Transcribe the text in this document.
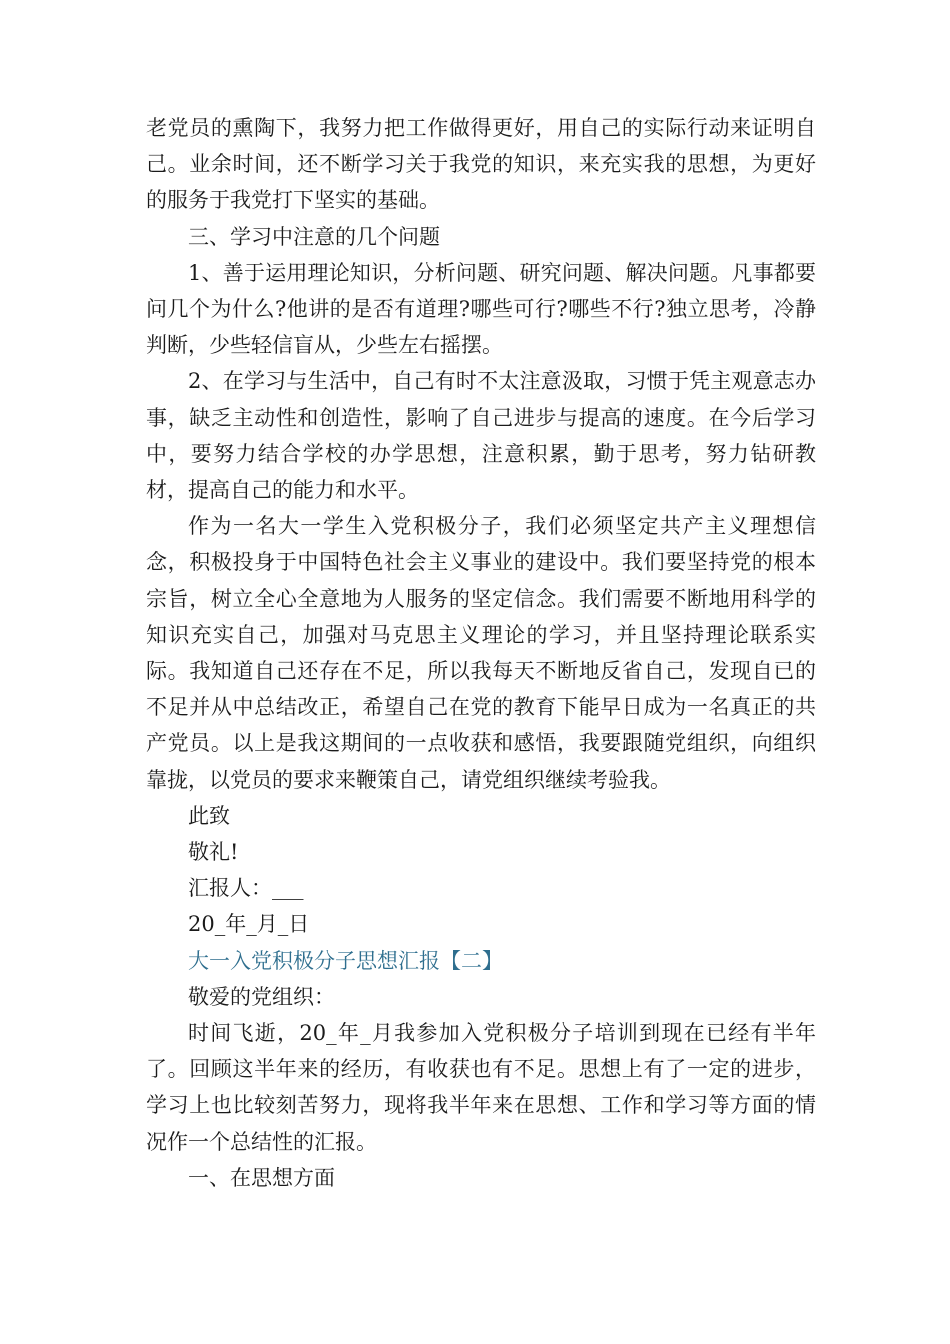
老党员的熏陶下，我努力把工作做得更好，用自己的实际行动来证明自己。业余时间，还不断学习关于我党的知识，来充实我的思想，为更好的服务于我党打下坚实的基础。

三、学习中注意的几个问题

1、善于运用理论知识，分析问题、研究问题、解决问题。凡事都要问几个为什么?他讲的是否有道理?哪些可行?哪些不行?独立思考，冷静判断，少些轻信盲从，少些左右摇摆。

2、在学习与生活中，自己有时不太注意汲取，习惯于凭主观意志办事，缺乏主动性和创造性，影响了自己进步与提高的速度。在今后学习中，要努力结合学校的办学思想，注意积累，勤于思考，努力钻研教材，提高自己的能力和水平。

作为一名大一学生入党积极分子，我们必须坚定共产主义理想信念，积极投身于中国特色社会主义事业的建设中。我们要坚持党的根本宗旨，树立全心全意地为人服务的坚定信念。我们需要不断地用科学的知识充实自己，加强对马克思主义理论的学习，并且坚持理论联系实际。我知道自己还存在不足，所以我每天不断地反省自己，发现自已的不足并从中总结改正，希望自己在党的教育下能早日成为一名真正的共产党员。以上是我这期间的一点收获和感悟，我要跟随党组织，向组织靠拢，以党员的要求来鞭策自己，请党组织继续考验我。

此致

敬礼!

汇报人：___

20_年_月_日

大一入党积极分子思想汇报【二】

敬爱的党组织：

时间飞逝，20_年_月我参加入党积极分子培训到现在已经有半年了。回顾这半年来的经历，有收获也有不足。思想上有了一定的进步，学习上也比较刻苦努力，现将我半年来在思想、工作和学习等方面的情况作一个总结性的汇报。

一、在思想方面
